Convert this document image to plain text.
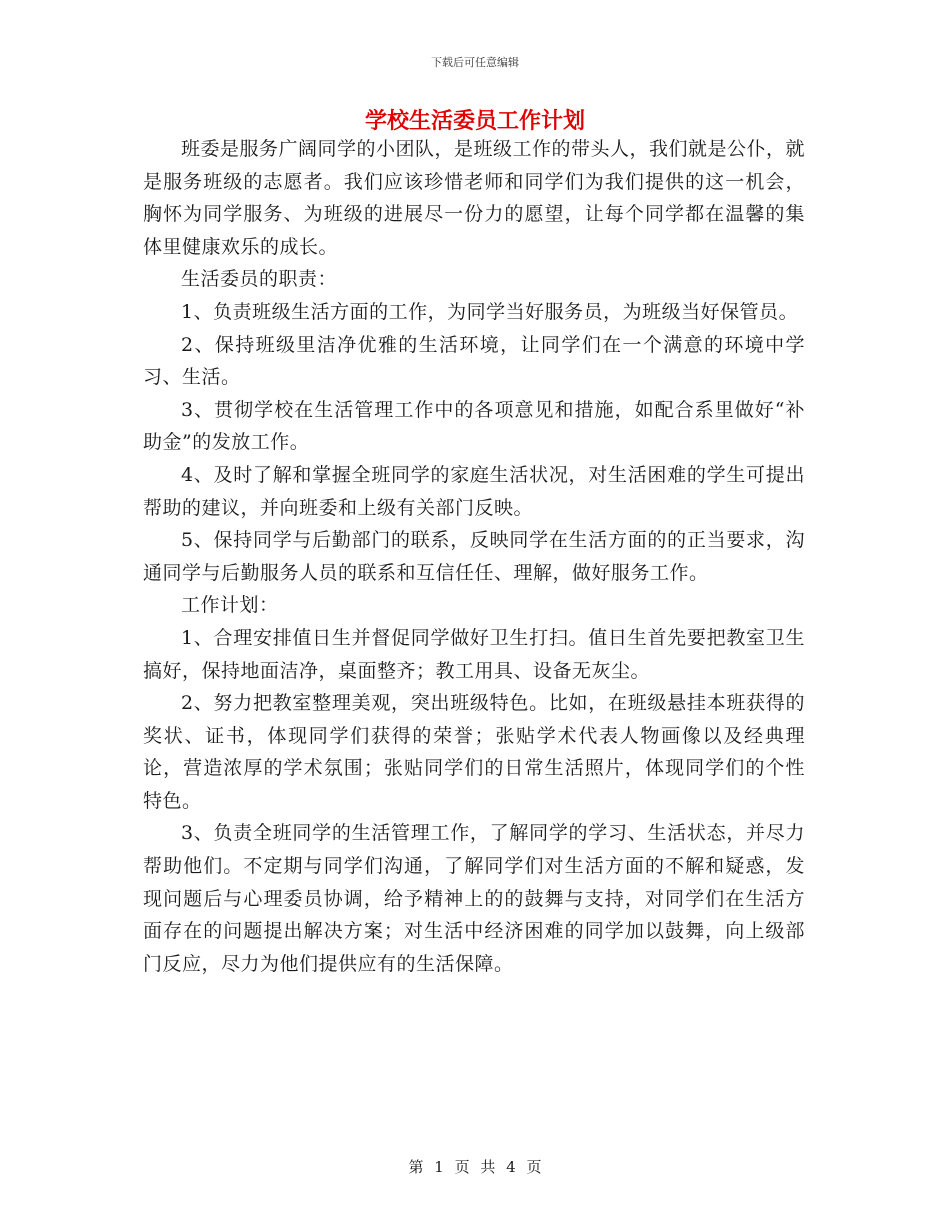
下载后可任意编辑
学校生活委员工作计划

班委是服务广阔同学的小团队，是班级工作的带头人，我们就是公仆，就是服务班级的志愿者。我们应该珍惜老师和同学们为我们提供的这一机会，胸怀为同学服务、为班级的进展尽一份力的愿望，让每个同学都在温馨的集体里健康欢乐的成长。

生活委员的职责：

1、负责班级生活方面的工作，为同学当好服务员，为班级当好保管员。

2、保持班级里洁净优雅的生活环境，让同学们在一个满意的环境中学习、生活。

3、贯彻学校在生活管理工作中的各项意见和措施，如配合系里做好“补助金”的发放工作。

4、及时了解和掌握全班同学的家庭生活状况，对生活困难的学生可提出帮助的建议，并向班委和上级有关部门反映。

5、保持同学与后勤部门的联系，反映同学在生活方面的的正当要求，沟通同学与后勤服务人员的联系和互信任任、理解，做好服务工作。

工作计划：

1、合理安排值日生并督促同学做好卫生打扫。值日生首先要把教室卫生搞好，保持地面洁净，桌面整齐；教工用具、设备无灰尘。

2、努力把教室整理美观，突出班级特色。比如，在班级悬挂本班获得的奖状、证书，体现同学们获得的荣誉；张贴学术代表人物画像以及经典理论，营造浓厚的学术氛围；张贴同学们的日常生活照片，体现同学们的个性特色。

3、负责全班同学的生活管理工作，了解同学的学习、生活状态，并尽力帮助他们。不定期与同学们沟通，了解同学们对生活方面的不解和疑惑，发现问题后与心理委员协调，给予精神上的的鼓舞与支持，对同学们在生活方面存在的问题提出解决方案；对生活中经济困难的同学加以鼓舞，向上级部门反应，尽力为他们提供应有的生活保障。

第 1 页 共 4 页
